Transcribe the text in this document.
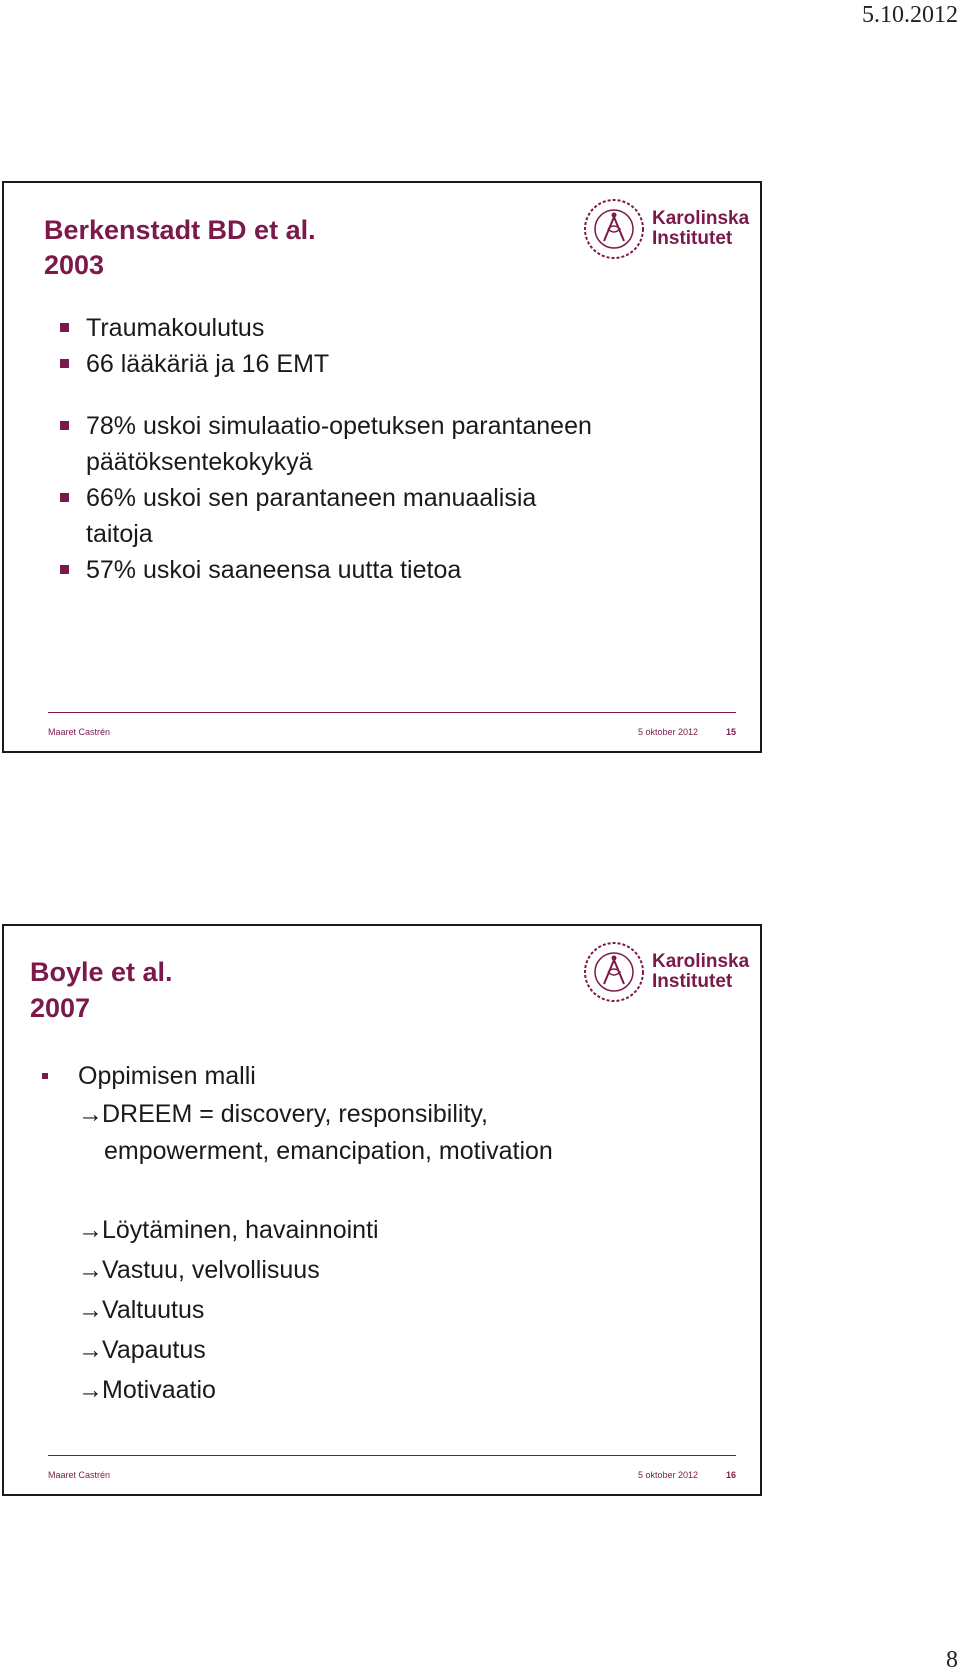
5.10.2012
Berkenstadt BD et al.
2003
Karolinska
Institutet
Traumakoulutus
66 lääkäriä ja 16 EMT
78% uskoi simulaatio-opetuksen parantaneen
päätöksentekokykyä
66% uskoi sen parantaneen manuaalisia
taitoja
57% uskoi saaneensa uutta tietoa
Maaret Castrén	5 oktober 2012	15
Boyle et al.
2007
Karolinska
Institutet
Oppimisen malli
→DREEM = discovery, responsibility,
empowerment, emancipation, motivation
→Löytäminen, havainnointi
→Vastuu, velvollisuus
→Valtuutus
→Vapautus
→Motivaatio
Maaret Castrén	5 oktober 2012	16
8
